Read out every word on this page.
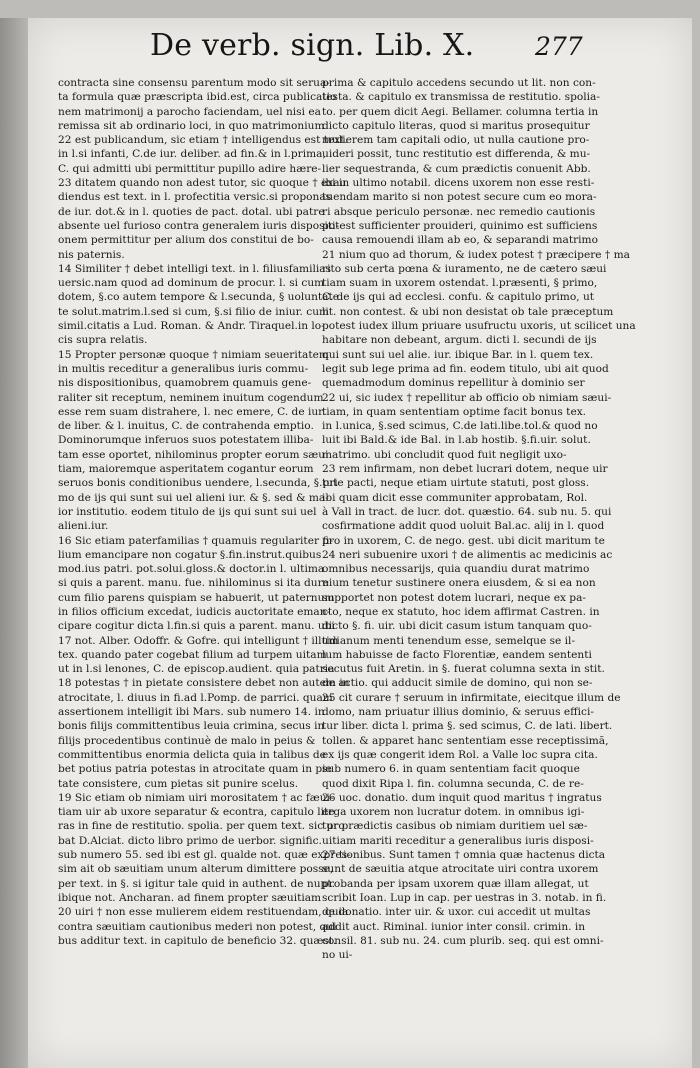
De verb. sign. Lib. X. 277
contracta sine consensu parentum modo sit serua-
ta formula quæ præscripta ibid.est, circa publicatio
nem matrimonij a parocho faciendam, uel nisi ea
remissa sit ab ordinario loci, in quo matrimonium
22 est publicandum, sic etiam † intelligendus est text.
in l.si infanti, C.de iur. deliber. ad fin.& in l.prima,
C. qui admitti ubi permittitur pupillo adire hære-
23 ditatem quando non adest tutor, sic quoque † exau
diendus est text. in l. profectitia versic.si proponas
de iur. dot.& in l. quoties de pact. dotal. ubi patre
absente uel furioso contra generalem iuris dispositi-
onem permittitur per alium dos constitui de bo-
nis paternis.
14 Similiter † debet intelligi text. in l. filiusfamilias
uersic.nam quod ad dominum de procur. l. si cum
dotem, §.co autem tempore & l.secunda, § uoluntate
te solut.matrim.l.sed si cum, §.si filio de iniur. cum
simil.citatis a Lud. Roman. & Andr. Tiraquel.in lo-
cis supra relatis.
15 Propter personæ quoque † nimiam seueritatem
in multis receditur a generalibus iuris commu-
nis dispositionibus, quamobrem quamuis gene-
raliter sit receptum, neminem inuitum cogendum
esse rem suam distrahere, l. nec emere, C. de iur.
de liber. & l. inuitus, C. de contrahenda emptio.
Dominorumque inferuos suos potestatem illiba-
tam esse oportet, nihilominus propter eorum sæui
tiam, maioremque asperitatem cogantur eorum
seruos bonis conditionibus uendere, l.secunda, §.pri
mo de ijs qui sunt sui uel alieni iur. & §. sed & ma-
ior institutio. eodem titulo de ijs qui sunt sui uel
alieni.iur.
16 Sic etiam paterfamilias † quamuis regulariter fi-
lium emancipare non cogatur §.fin.instrut.quibus
mod.ius patri. pot.solui.gloss.& doctor.in l. ultima
si quis a parent. manu. fue. nihilominus si ita dure
cum filio parens quispiam se habuerit, ut paternum
in filios officium excedat, iudicis auctoritate eman-
cipare cogitur dicta l.fin.si quis a parent. manu. ubi
17 not. Alber. Odoffr. & Gofre. qui intelligunt † illum
tex. quando pater cogebat filium ad turpem uitam
ut in l.si lenones, C. de episcop.audient. quia patria
18 potestas † in pietate consistere debet non autem in
atrocitate, l. diuus in fi.ad l.Pomp. de parrici. quam
assertionem intelligit ibi Mars. sub numero 14. in
bonis filijs committentibus leuia crimina, secus in
filijs procedentibus continuè de malo in peius &
committentibus enormia delicta quia in talibus de
bet potius patria potestas in atrocitate quam in pie
tate consistere, cum pietas sit punire scelus.
19 Sic etiam ob nimiam uiri morositatem † ac fæui-
tiam uir ab uxore separatur & econtra, capitulo lite
ras in fine de restitutio. spolia. per quem text. sic pro
bat D.Alciat. dicto libro primo de uerbor. signific.
sub numero 55. sed ibi est gl. qualde not. quæ expres-
sim ait ob sæuitiam unum alterum dimittere posse,
per text. in §. si igitur tale quid in authent. de nupt.
ibique not. Ancharan. ad finem propter sæuitiam
20 uiri † non esse mulierem eidem restituendam, quia
contra sæuitiam cautionibus mederi non potest, qui
bus additur text. in capitulo de beneficio 32. quæst.
prima & capitulo accedens secundo ut lit. non con-
testa. & capitulo ex transmissa de restitutio. spolia-
to. per quem dicit Aegi. Bellamer. columna tertia in
dicto capitulo literas, quod si maritus prosequitur
mulierem tam capitali odio, ut nulla cautione pro-
uideri possit, tunc restitutio est differenda, & mu-
lier sequestranda, & cum prædictis conuenit Abb.
ibi in ultimo notabil. dicens uxorem non esse resti-
tuendam marito si non potest secure cum eo mora-
ri absque periculo personæ. nec remedio cautionis
potest sufficienter prouideri, quinimo est sufficiens
causa remouendi illam ab eo, & separandi matrimo
21 nium quo ad thorum, & iudex potest † præcipere † ma
rito sub certa pœna & iuramento, ne de cætero sæui
tiam suam in uxorem ostendat. l.præsenti, § primo,
C. de ijs qui ad ecclesi. confu. & capitulo primo, ut
lit. non contest. & ubi non desistat ob tale præceptum
potest iudex illum priuare usufructu uxoris, ut scilicet una
habitare non debeant, argum. dicti l. secundi de ijs
qui sunt sui uel alie. iur. ibique Bar. in l. quem tex.
legit sub lege prima ad fin. eodem titulo, ubi ait quod
quemadmodum dominus repellitur à dominio ser
22 ui, sic iudex † repellitur ab officio ob nimiam sæui-
tiam, in quam sententiam optime facit bonus tex.
in l.unica, §.sed scimus, C.de lati.libe.tol.& quod no
luit ibi Bald.& ide Bal. in l.ab hostib. §.fi.uir. solut.
matrimo. ubi concludit quod fuit negligit uxo-
23 rem infirmam, non debet lucrari dotem, neque uir
tute pacti, neque etiam uirtute statuti, post gloss.
ibi quam dicit esse communiter approbatam, Rol.
à Vall in tract. de lucr. dot. quæstio. 64. sub nu. 5. qui
cosfirmatione addit quod uoluit Bal.ac. alij in l. quod
pro in uxorem, C. de nego. gest. ubi dicit maritum te
24 neri subuenire uxori † de alimentis ac medicinis ac
omnibus necessarijs, quia quandiu durat matrimo
nium tenetur sustinere onera eiusdem, & si ea non
supportet non potest dotem lucrari, neque ex pa-
cto, neque ex statuto, hoc idem affirmat Castren. in
dicto §. fi. uir. ubi dicit casum istum tanquam quo-
tidianum menti tenendum esse, semelque se il-
lum habuisse de facto Florentiæ, eandem sententi
secutus fuit Aretin. in §. fuerat columna sexta in stit.
de actio. qui adducit simile de domino, qui non se-
25 cit curare † seruum in infirmitate, eiecitque illum de
domo, nam priuatur illius dominio, & seruus effici-
tur liber. dicta l. prima §. sed scimus, C. de lati. libert.
tollen. & apparet hanc sententiam esse receptissimã,
ex ijs quæ congerit idem Rol. a Valle loc supra cita.
sub numero 6. in quam sententiam facit quoque
quod dixit Ripa l. fin. columna secunda, C. de re-
26 uoc. donatio. dum inquit quod maritus † ingratus
erga uxorem non lucratur dotem. in omnibus igi-
tur prædictis casibus ob nimiam duritiem uel sæ-
uitiam mariti receditur a generalibus iuris disposi-
27 tionibus. Sunt tamen † omnia quæ hactenus dicta
sunt de sæuitia atque atrocitate uiri contra uxorem
probanda per ipsam uxorem quæ illam allegat, ut
scribit Ioan. Lup in cap. per uestras in 3. notab. in fi.
de donatio. inter uir. & uxor. cui accedit ut multas
addit auct. Riminal. iunior inter consil. crimin. in
consil. 81. sub nu. 24. cum plurib. seq. qui est omni-
no ui-
